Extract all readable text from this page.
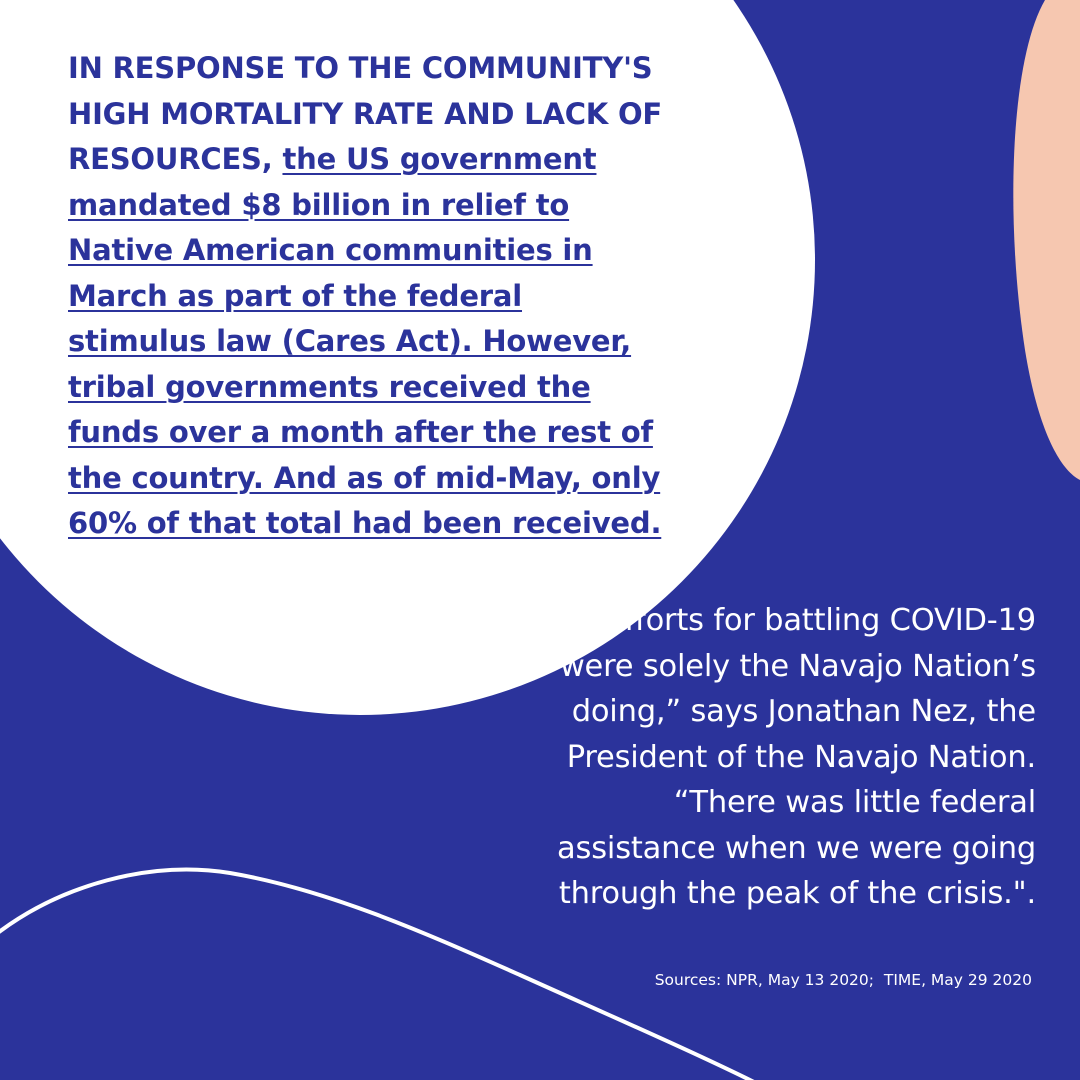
IN RESPONSE TO THE COMMUNITY'S HIGH MORTALITY RATE AND LACK OF RESOURCES, the US government mandated $8 billion in relief to Native American communities in March as part of the federal stimulus law (Cares Act). However, tribal governments received the funds over a month after the rest of the country. And as of mid-May, only 60% of that total had been received.
“The efforts for battling COVID-19 were solely the Navajo Nation’s doing,” says Jonathan Nez, the President of the Navajo Nation. “There was little federal assistance when we were going through the peak of the crisis.".
Sources: NPR, May 13 2020;  TIME, May 29 2020
